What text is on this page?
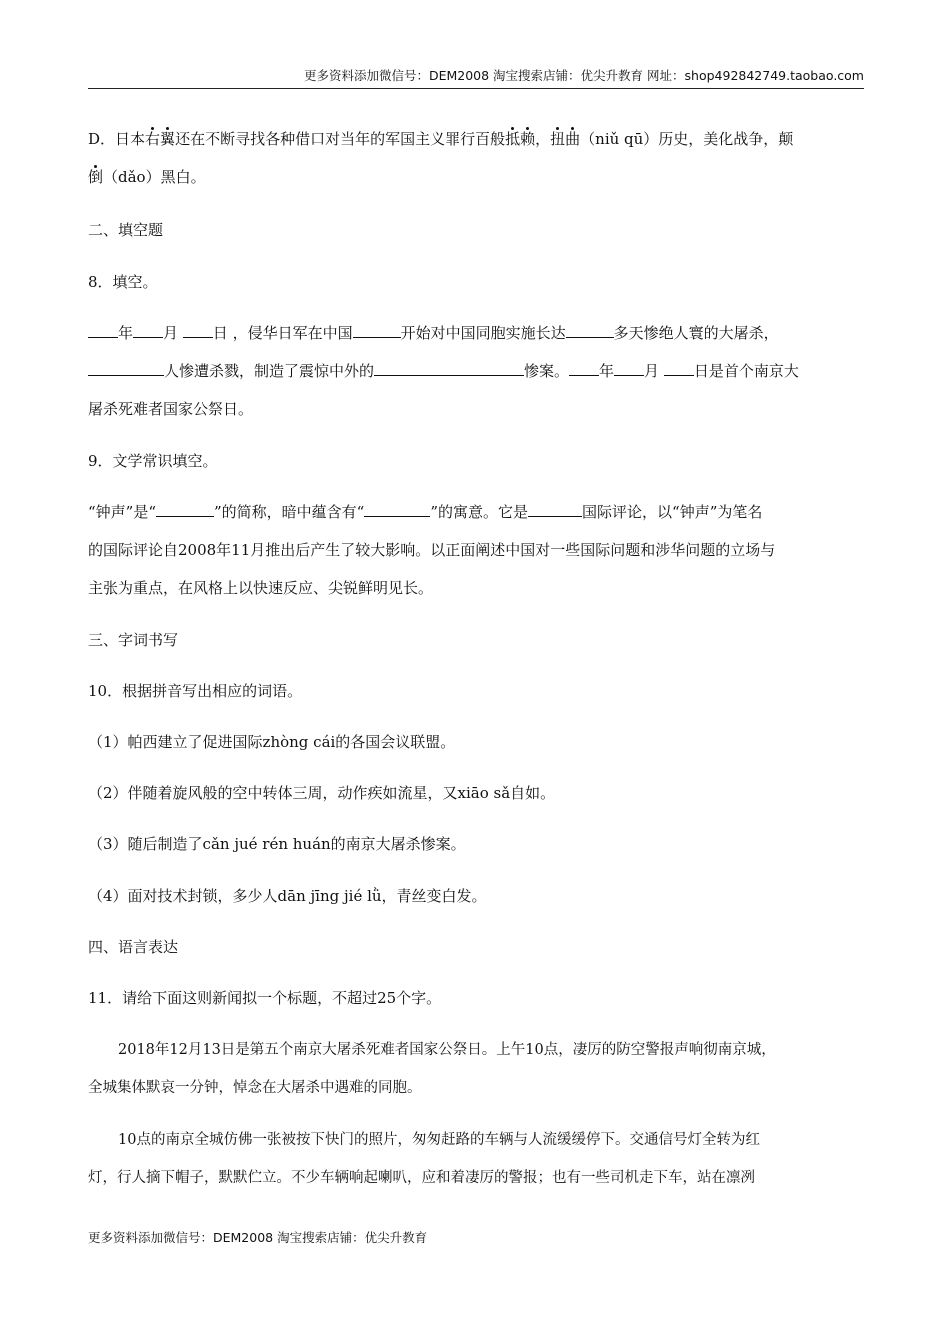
更多资料添加微信号：DEM2008 淘宝搜索店铺：优尖升教育 网址：shop492842749.taobao.com
D．日本右翼还在不断寻找各种借口对当年的军国主义罪行百般抵赖，扭曲（niǔ qū）历史，美化战争，颠
倒（dǎo）黑白。
二、填空题
8．填空。
年 月 日 ，侵华日军在中国	开始对中国同胞实施长达	多天惨绝人寰的大屠杀，
人惨遭杀戮，制造了震惊中外的	惨案。 年 月 日是首个南京大
屠杀死难者国家公祭日。
9．文学常识填空。
“钟声”是“	”的简称，暗中蕴含有“	”的寓意。它是	国际评论，以“钟声”为笔名
的国际评论自2008年11月推出后产生了较大影响。以正面阐述中国对一些国际问题和涉华问题的立场与
主张为重点，在风格上以快速反应、尖锐鲜明见长。
三、字词书写
10．根据拼音写出相应的词语。
（1）帕西建立了促进国际zhòng cái的各国会议联盟。
（2）伴随着旋风般的空中转体三周，动作疾如流星，又xiāo sǎ自如。
（3）随后制造了cǎn jué rén huán的南京大屠杀惨案。
（4）面对技术封锁，多少人dān jīng jié lǜ，青丝变白发。
四、语言表达
11．请给下面这则新闻拟一个标题，不超过25个字。
2018年12月13日是第五个南京大屠杀死难者国家公祭日。上午10点，凄厉的防空警报声响彻南京城，
全城集体默哀一分钟，悼念在大屠杀中遇难的同胞。
10点的南京全城仿佛一张被按下快门的照片，匆匆赶路的车辆与人流缓缓停下。交通信号灯全转为红
灯，行人摘下帽子，默默伫立。不少车辆响起喇叭，应和着凄厉的警报；也有一些司机走下车，站在凛冽
更多资料添加微信号：DEM2008 淘宝搜索店铺：优尖升教育
